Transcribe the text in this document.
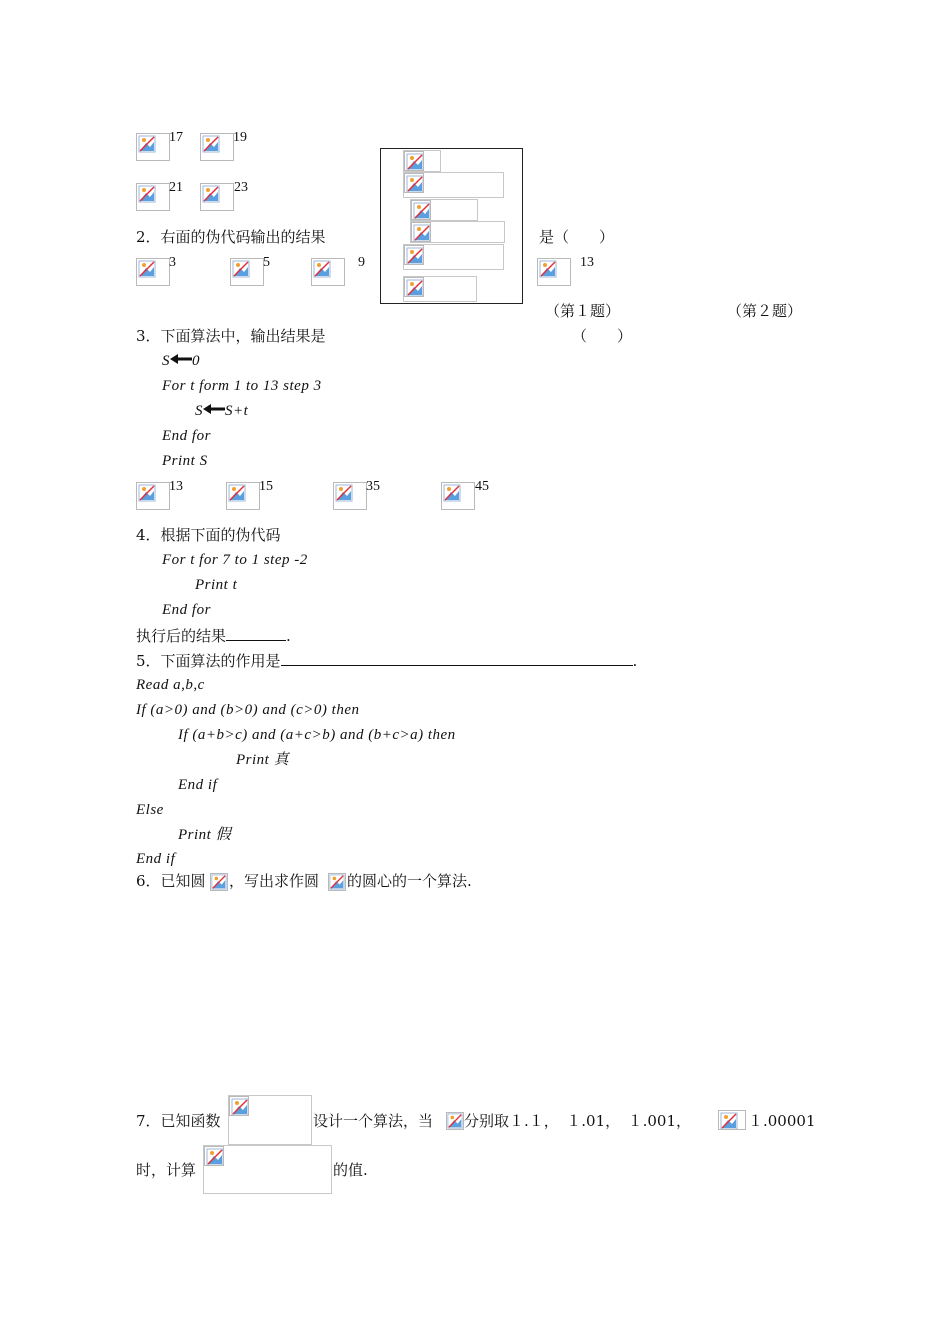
17	19
21	23
2．右面的伪代码输出的结果	是（　　）
3	5	9	13
（第１题）	（第２题）
3．下面算法中，输出结果是	（　　）
S 0
For t form 1 to 13 step 3
S S+t
End for
Print S
13	15	35	45
4．根据下面的伪代码
For t for 7 to 1 step -2
Print t
End for
执行后的结果	.
5．下面算法的作用是	.
Read a,b,c
If (a>0) and (b>0) and (c>0) then
If (a+b>c) and (a+c>b) and (b+c>a) then
Print 真
End if
Else
Print 假
End if
6．已知圆 ，写出求作圆 的圆心的一个算法.
7．已知函数	设计一个算法，当 分别取１.１，　１.01，　１.001，	１.00001
时，计算	的值.
